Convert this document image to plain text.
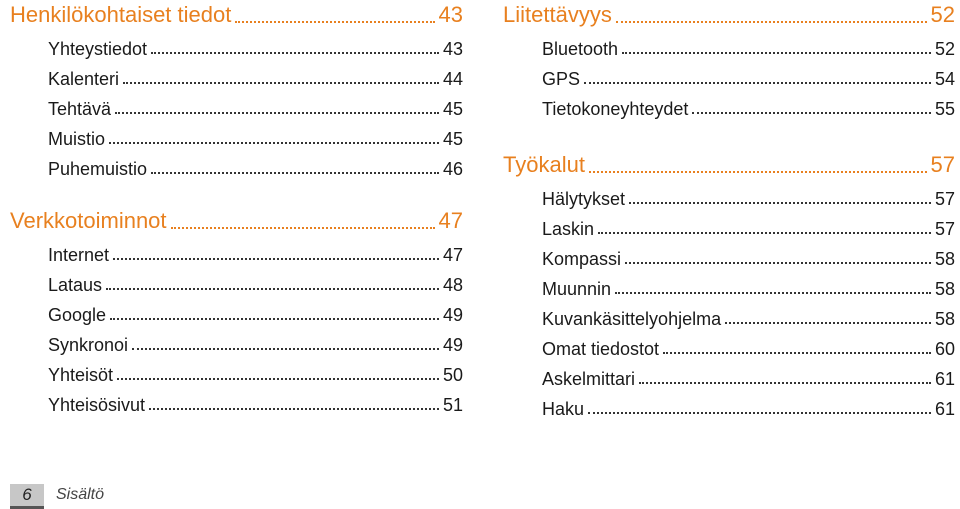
Henkilökohtaiset tiedot	43
Yhteystiedot	43
Kalenteri	44
Tehtävä	45
Muistio	45
Puhemuistio	46
Verkkotoiminnot	47
Internet	47
Lataus	48
Google	49
Synkronoi	49
Yhteisöt	50
Yhteisösivut	51
Liitettävyys	52
Bluetooth	52
GPS	54
Tietokoneyhteydet	55
Työkalut	57
Hälytykset	57
Laskin	57
Kompassi	58
Muunnin	58
Kuvankäsittelyohjelma	58
Omat tiedostot	60
Askelmittari	61
Haku	61
6	Sisältö
